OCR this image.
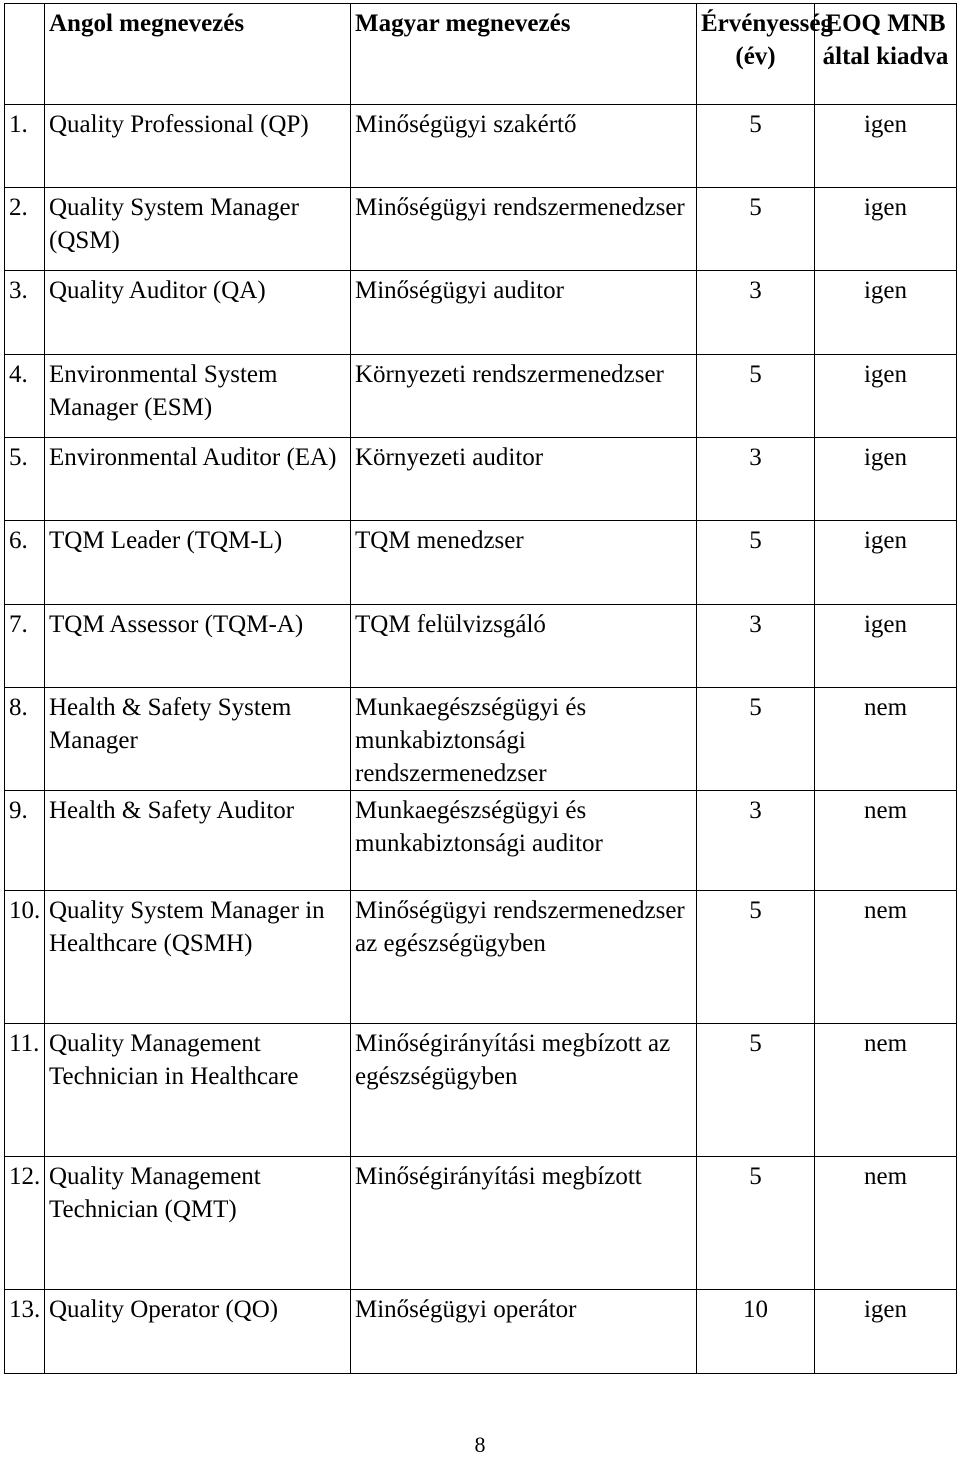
	Angol megnevezés	Magyar megnevezés	Érvényesség (év)	EOQ MNB által kiadva
1.	Quality Professional (QP)	Minőségügyi szakértő	5	igen
2.	Quality System Manager (QSM)	Minőségügyi rendszermenedzser	5	igen
3.	Quality Auditor (QA)	Minőségügyi auditor	3	igen
4.	Environmental System Manager (ESM)	Környezeti rendszermenedzser	5	igen
5.	Environmental Auditor (EA)	Környezeti auditor	3	igen
6.	TQM Leader (TQM-L)	TQM menedzser	5	igen
7.	TQM Assessor (TQM-A)	TQM felülvizsgáló	3	igen
8.	Health & Safety System Manager	Munkaegészségügyi és munkabiztonsági rendszermenedzser	5	nem
9.	Health & Safety Auditor	Munkaegészségügyi és munkabiztonsági auditor	3	nem
10.	Quality System Manager in Healthcare (QSMH)	Minőségügyi rendszermenedzser az egészségügyben	5	nem
11.	Quality Management Technician in Healthcare	Minőségirányítási megbízott az egészségügyben	5	nem
12.	Quality Management Technician (QMT)	Minőségirányítási megbízott	5	nem
13.	Quality Operator (QO)	Minőségügyi operátor	10	igen
8
